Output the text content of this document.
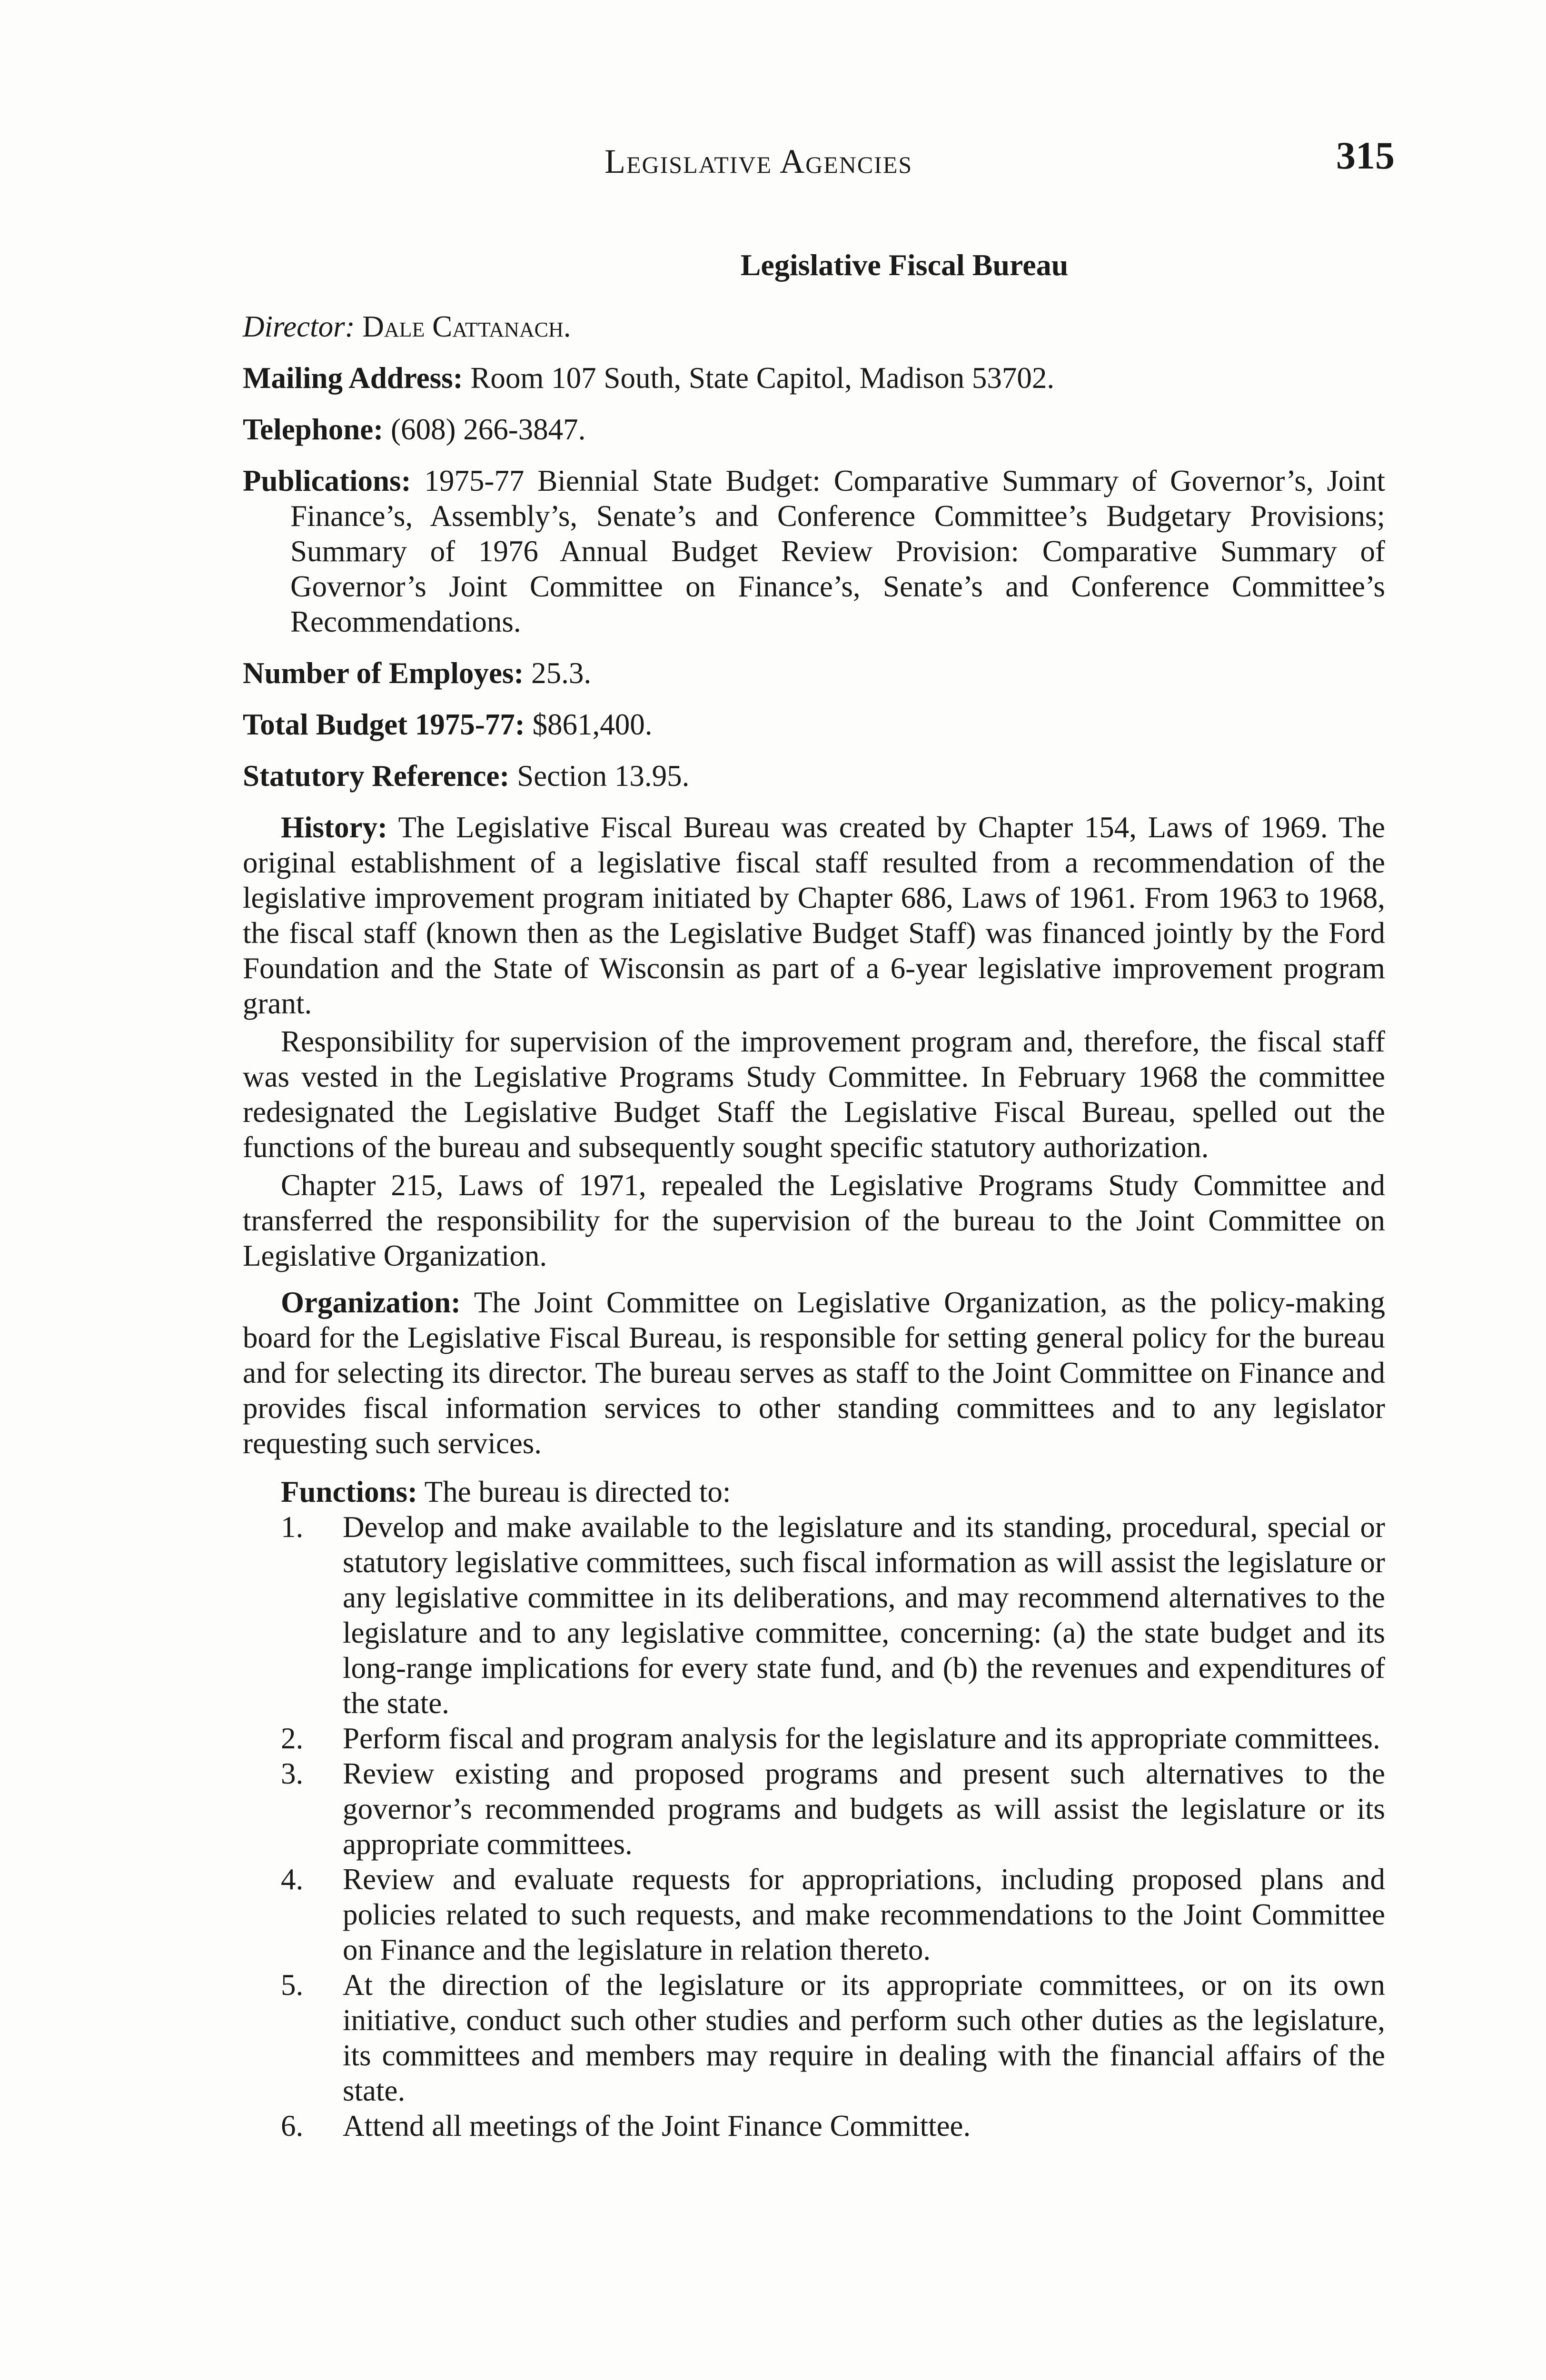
Legislative Agencies	315
Legislative Fiscal Bureau
Director: Dale Cattanach.
Mailing Address: Room 107 South, State Capitol, Madison 53702.
Telephone: (608) 266-3847.
Publications: 1975-77 Biennial State Budget: Comparative Summary of Governor’s, Joint Finance’s, Assembly’s, Senate’s and Conference Committee’s Budgetary Provisions; Summary of 1976 Annual Budget Review Provision: Comparative Summary of Governor’s Joint Committee on Finance’s, Senate’s and Conference Committee’s Recommendations.
Number of Employes: 25.3.
Total Budget 1975-77: $861,400.
Statutory Reference: Section 13.95.
History: The Legislative Fiscal Bureau was created by Chapter 154, Laws of 1969. The original establishment of a legislative fiscal staff resulted from a recommendation of the legislative improvement program initiated by Chapter 686, Laws of 1961. From 1963 to 1968, the fiscal staff (known then as the Legislative Budget Staff) was financed jointly by the Ford Foundation and the State of Wisconsin as part of a 6-year legislative improvement program grant.
Responsibility for supervision of the improvement program and, therefore, the fiscal staff was vested in the Legislative Programs Study Committee. In February 1968 the committee redesignated the Legislative Budget Staff the Legislative Fiscal Bureau, spelled out the functions of the bureau and subsequently sought specific statutory authorization.
Chapter 215, Laws of 1971, repealed the Legislative Programs Study Committee and transferred the responsibility for the supervision of the bureau to the Joint Committee on Legislative Organization.
Organization: The Joint Committee on Legislative Organization, as the policy-making board for the Legislative Fiscal Bureau, is responsible for setting general policy for the bureau and for selecting its director. The bureau serves as staff to the Joint Committee on Finance and provides fiscal information services to other standing committees and to any legislator requesting such services.
Functions: The bureau is directed to:
1.	Develop and make available to the legislature and its standing, procedural, special or statutory legislative committees, such fiscal information as will assist the legislature or any legislative committee in its deliberations, and may recommend alternatives to the legislature and to any legislative committee, concerning: (a) the state budget and its long-range implications for every state fund, and (b) the revenues and expenditures of the state.
2.	Perform fiscal and program analysis for the legislature and its appropriate committees.
3.	Review existing and proposed programs and present such alternatives to the governor’s recommended programs and budgets as will assist the legislature or its appropriate committees.
4.	Review and evaluate requests for appropriations, including proposed plans and policies related to such requests, and make recommendations to the Joint Committee on Finance and the legislature in relation thereto.
5.	At the direction of the legislature or its appropriate committees, or on its own initiative, conduct such other studies and perform such other duties as the legislature, its committees and members may require in dealing with the financial affairs of the state.
6.	Attend all meetings of the Joint Finance Committee.
